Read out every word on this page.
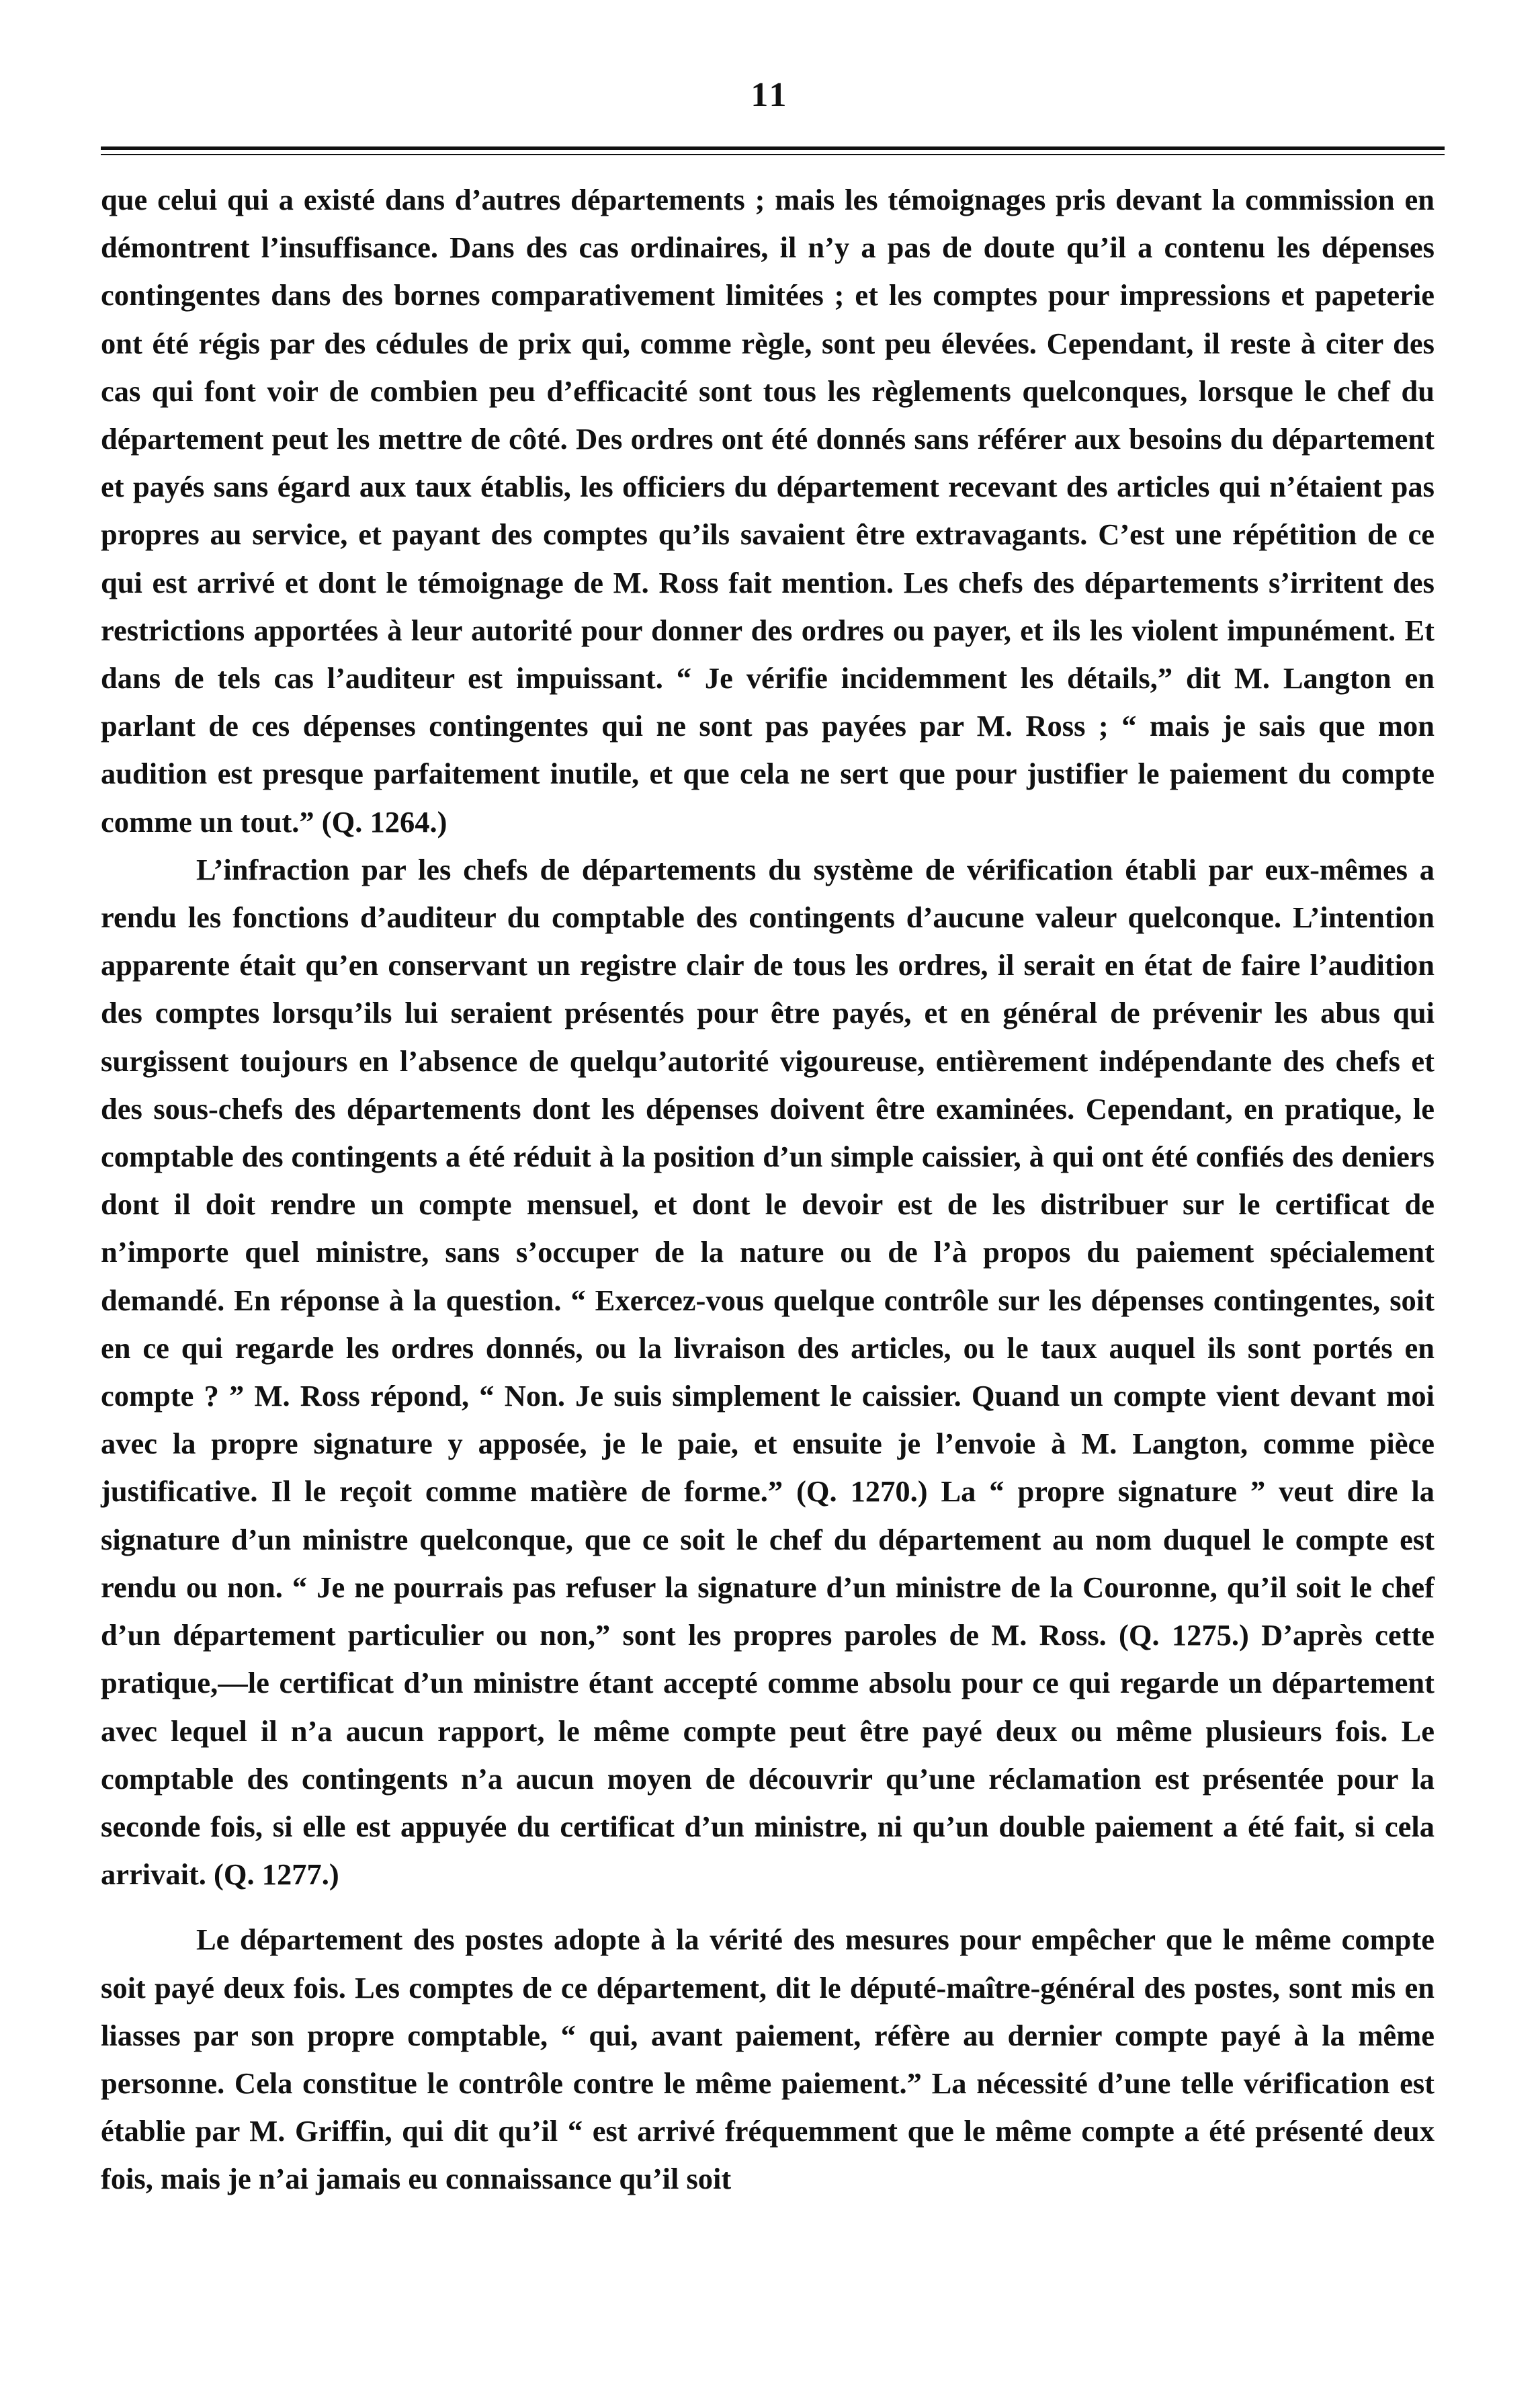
11

que celui qui a existé dans d’autres départements ; mais les témoignages pris devant la commission en démontrent l’insuffisance. Dans des cas ordinaires, il n’y a pas de doute qu’il a contenu les dépenses contingentes dans des bornes comparativement limitées ; et les comptes pour impressions et papeterie ont été régis par des cédules de prix qui, comme règle, sont peu élevées. Cependant, il reste à citer des cas qui font voir de combien peu d’efficacité sont tous les règlements quelconques, lorsque le chef du département peut les mettre de côté. Des ordres ont été donnés sans référer aux besoins du département et payés sans égard aux taux établis, les officiers du département recevant des articles qui n’étaient pas propres au service, et payant des comptes qu’ils savaient être extravagants. C’est une répétition de ce qui est arrivé et dont le témoignage de M. Ross fait mention. Les chefs des départements s’irritent des restrictions apportées à leur autorité pour donner des ordres ou payer, et ils les violent impunément. Et dans de tels cas l’auditeur est impuissant. “ Je vérifie incidemment les détails,” dit M. Langton en parlant de ces dépenses contingentes qui ne sont pas payées par M. Ross ; “ mais je sais que mon audition est presque parfaitement inutile, et que cela ne sert que pour justifier le paiement du compte comme un tout.” (Q. 1264.)

L’infraction par les chefs de départements du système de vérification établi par eux-mêmes a rendu les fonctions d’auditeur du comptable des contingents d’aucune valeur quelconque. L’intention apparente était qu’en conservant un registre clair de tous les ordres, il serait en état de faire l’audition des comptes lorsqu’ils lui seraient présentés pour être payés, et en général de prévenir les abus qui surgissent toujours en l’absence de quelqu’autorité vigoureuse, entièrement indépendante des chefs et des sous-chefs des départements dont les dépenses doivent être examinées. Cependant, en pratique, le comptable des contingents a été réduit à la position d’un simple caissier, à qui ont été confiés des deniers dont il doit rendre un compte mensuel, et dont le devoir est de les distribuer sur le certificat de n’importe quel ministre, sans s’occuper de la nature ou de l’à propos du paiement spécialement demandé. En réponse à la question. “ Exercez-vous quelque contrôle sur les dépenses contingentes, soit en ce qui regarde les ordres donnés, ou la livraison des articles, ou le taux auquel ils sont portés en compte ? ” M. Ross répond, “ Non. Je suis simplement le caissier. Quand un compte vient devant moi avec la propre signature y apposée, je le paie, et ensuite je l’envoie à M. Langton, comme pièce justificative. Il le reçoit comme matière de forme.” (Q. 1270.) La “ propre signature ” veut dire la signature d’un ministre quelconque, que ce soit le chef du département au nom duquel le compte est rendu ou non. “ Je ne pourrais pas refuser la signature d’un ministre de la Couronne, qu’il soit le chef d’un département particulier ou non,” sont les propres paroles de M. Ross. (Q. 1275.) D’après cette pratique,—le certificat d’un ministre étant accepté comme absolu pour ce qui regarde un département avec lequel il n’a aucun rapport, le même compte peut être payé deux ou même plusieurs fois. Le comptable des contingents n’a aucun moyen de découvrir qu’une réclamation est présentée pour la seconde fois, si elle est appuyée du certificat d’un ministre, ni qu’un double paiement a été fait, si cela arrivait. (Q. 1277.)

Le département des postes adopte à la vérité des mesures pour empêcher que le même compte soit payé deux fois. Les comptes de ce département, dit le député-maître-général des postes, sont mis en liasses par son propre comptable, “ qui, avant paiement, réfère au dernier compte payé à la même personne. Cela constitue le contrôle contre le même paiement.” La nécessité d’une telle vérification est établie par M. Griffin, qui dit qu’il “ est arrivé fréquemment que le même compte a été présenté deux fois, mais je n’ai jamais eu connaissance qu’il soit
